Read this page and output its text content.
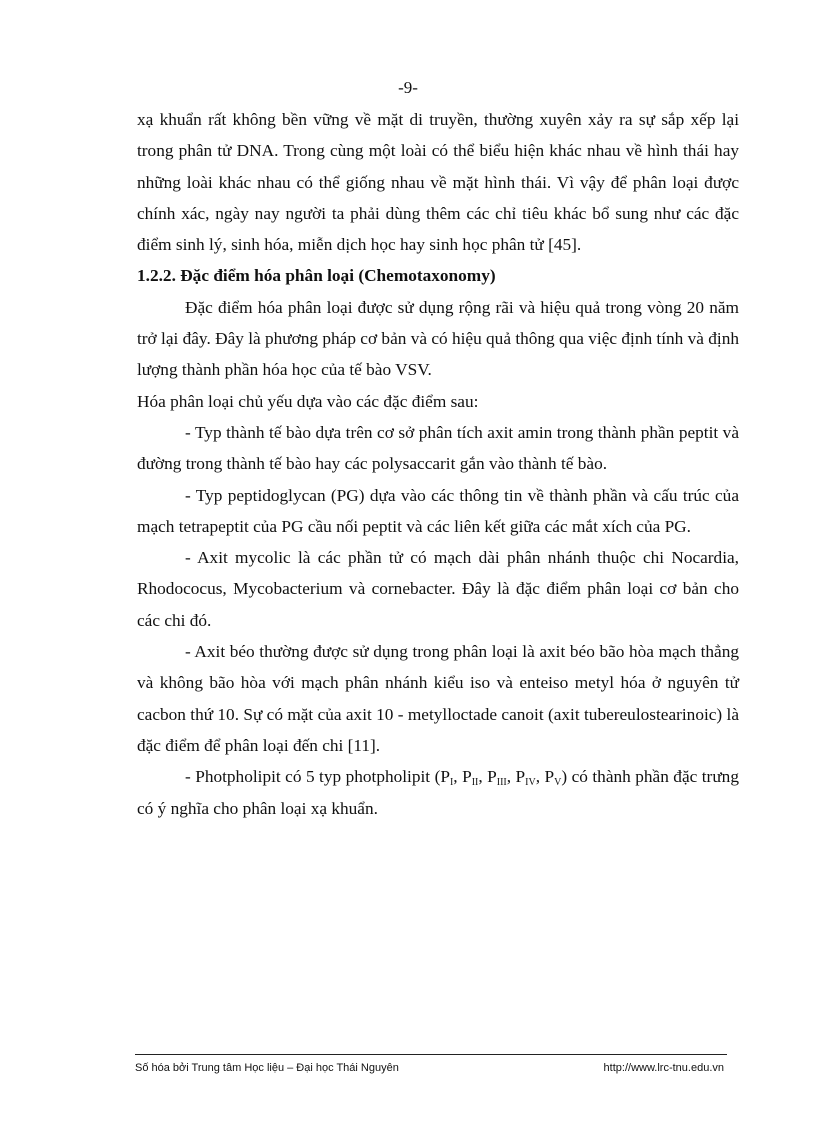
-9-

xạ khuẩn rất không bền vững về mặt di truyền, thường xuyên xảy ra sự sắp xếp lại trong phân tử DNA. Trong cùng một loài có thể biểu hiện khác nhau về hình thái hay những loài khác nhau có thể giống nhau về mặt hình thái. Vì vậy để phân loại được chính xác, ngày nay người ta phải dùng thêm các chỉ tiêu khác bổ sung như các đặc điểm sinh lý, sinh hóa, miễn dịch học hay sinh học phân tử [45].

1.2.2. Đặc điểm hóa phân loại (Chemotaxonomy)

Đặc điểm hóa phân loại được sử dụng rộng rãi và hiệu quả trong vòng 20 năm trở lại đây. Đây là phương pháp cơ bản và có hiệu quả thông qua việc định tính và định lượng thành phần hóa học của tế bào VSV.

Hóa phân loại chủ yếu dựa vào các đặc điểm sau:

- Typ thành tế bào dựa trên cơ sở phân tích axit amin trong thành phần peptit và đường trong thành tế bào hay các polysaccarit gắn vào thành tế bào.

- Typ peptidoglycan (PG) dựa vào các thông tin về thành phần và cấu trúc của mạch tetrapeptit của PG cầu nối peptit và các liên kết giữa các mắt xích của PG.

- Axit mycolic là các phần tử có mạch dài phân nhánh thuộc chi Nocardia, Rhodococus, Mycobacterium và cornebacter. Đây là đặc điểm phân loại cơ bản cho các chi đó.

- Axit béo thường được sử dụng trong phân loại là axit béo bão hòa mạch thẳng và không bão hòa với mạch phân nhánh kiểu iso và enteiso metyl hóa ở nguyên tử cacbon thứ 10. Sự có mặt của axit 10 - metylloctade canoit (axit tubereulostearinoic) là đặc điểm để phân loại đến chi [11].

- Photpholipit có 5 typ photpholipit ($P_I$, $P_{II}$, $P_{III}$, $P_{IV}$, $P_V$) có thành phần đặc trưng có ý nghĩa cho phân loại xạ khuẩn.

Số hóa bởi Trung tâm Học liệu – Đại học Thái Nguyên	http://www.lrc-tnu.edu.vn
